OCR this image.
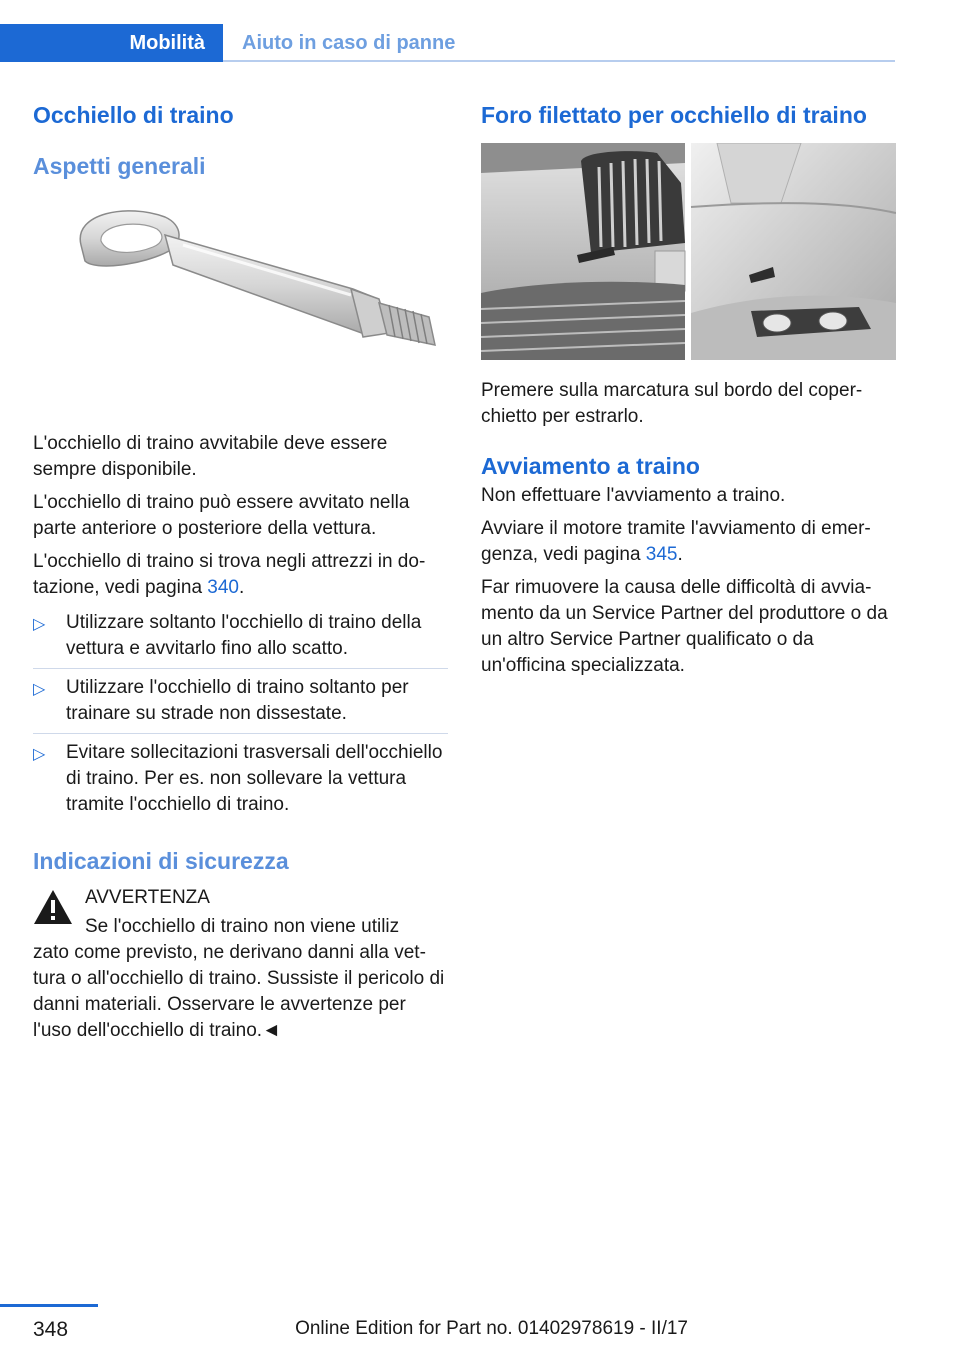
Mobilità	Aiuto in caso di panne
Occhiello di traino
Aspetti generali

L'occhiello di traino avvitabile deve essere sempre disponibile.

L'occhiello di traino può essere avvitato nella parte anteriore o posteriore della vettura.

L'occhiello di traino si trova negli attrezzi in dotazione, vedi pagina 340.

▷ Utilizzare soltanto l'occhiello di traino della vettura e avvitarlo fino allo scatto.
▷ Utilizzare l'occhiello di traino soltanto per trainare su strade non dissestate.
▷ Evitare sollecitazioni trasversali dell'occhiello di traino. Per es. non sollevare la vettura tramite l'occhiello di traino.
Indicazioni di sicurezza
AVVERTENZA
Se l'occhiello di traino non viene utiliz
zato come previsto, ne derivano danni alla vettura o all'occhiello di traino. Sussiste il pericolo di danni materiali. Osservare le avvertenze per l'uso dell'occhiello di traino.◄
Foro filettato per occhiello di traino

Premere sulla marcatura sul bordo del coperchietto per estrarlo.

Avviamento a traino

Non effettuare l'avviamento a traino.

Avviare il motore tramite l'avviamento di emergenza, vedi pagina 345.

Far rimuovere la causa delle difficoltà di avviamento da un Service Partner del produttore o da un altro Service Partner qualificato o da un'officina specializzata.

348	Online Edition for Part no. 01402978619 - II/17
